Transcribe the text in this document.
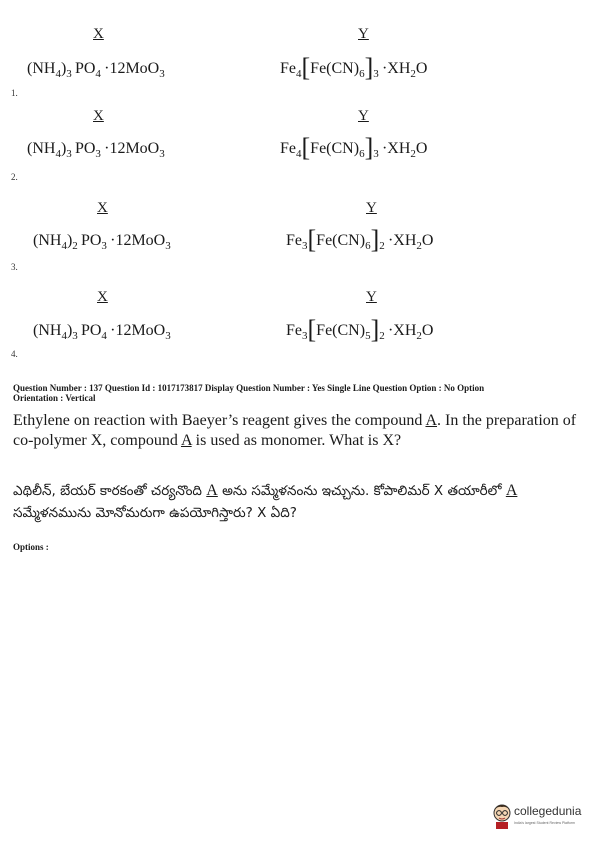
X	Y
$(NH_4)_3$ $PO_4 \cdot 12MoO_3$	$Fe_4[Fe(CN)_6]_3 \cdot XH_2O$
1.
X	Y
$(NH_4)_3$ $PO_3 \cdot 12MoO_3$	$Fe_4[Fe(CN)_6]_3 \cdot XH_2O$
2.
X	Y
$(NH_4)_2$ $PO_3 \cdot 12MoO_3$	$Fe_3[Fe(CN)_6]_2 \cdot XH_2O$
3.
X	Y
$(NH_4)_3$ $PO_4 \cdot 12MoO_3$	$Fe_3[Fe(CN)_5]_2 \cdot XH_2O$
4.
Question Number : 137 Question Id : 1017173817 Display Question Number : Yes Single Line Question Option : No Option
Orientation : Vertical
Ethylene on reaction with Baeyer’s reagent gives the compound A. In the preparation of co-polymer X, compound A is used as monomer. What is X?
ఎథిలీన్, బేయర్ కారకంతో చర్యనొంది A అను సమ్మేళనంను ఇచ్చును. కోపాలిమర్ X తయారీలో A సమ్మేళనమును మోనోమరుగా ఉపయోగిస్తారు? X ఏది?
Options :
collegedunia
India's largest Student Review Platform
